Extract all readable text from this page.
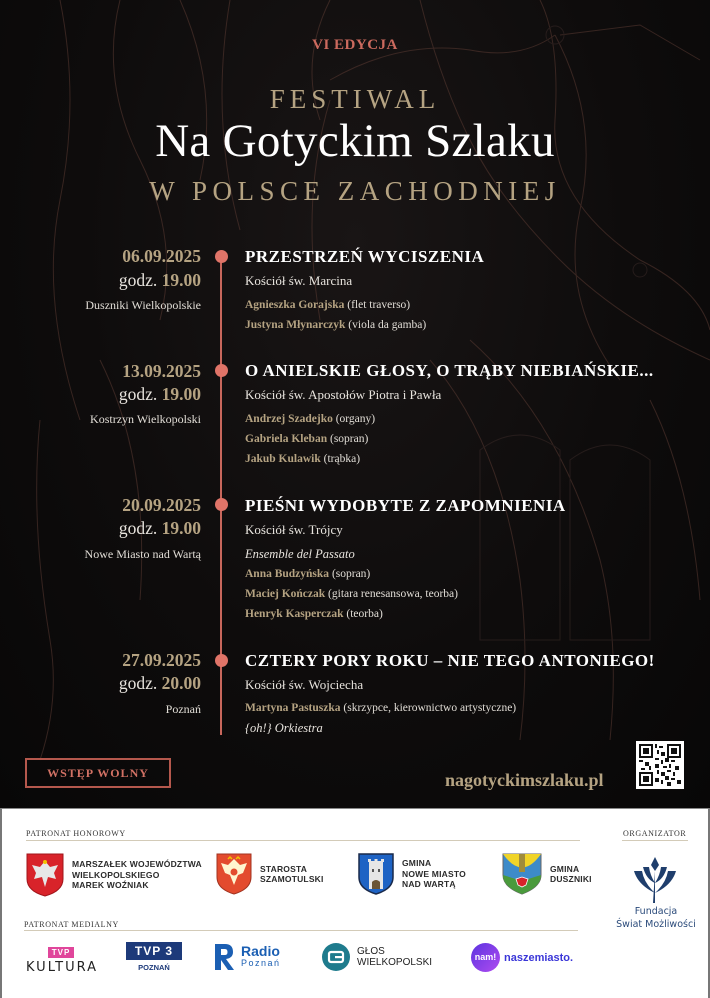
VI EDYCJA
FESTIWAL
Na Gotyckim Szlaku
W POLSCE ZACHODNIEJ
06.09.2025
godz. 19.00
Duszniki Wielkopolskie
PRZESTRZEŃ WYCISZENIA
Kościół św. Marcina
Agnieszka Gorajska (flet traverso)
Justyna Młynarczyk (viola da gamba)
13.09.2025
godz. 19.00
Kostrzyn Wielkopolski
O ANIELSKIE GŁOSY, O TRĄBY NIEBIAŃSKIE...
Kościół św. Apostołów Piotra i Pawła
Andrzej Szadejko (organy)
Gabriela Kleban (sopran)
Jakub Kulawik (trąbka)
20.09.2025
godz. 19.00
Nowe Miasto nad Wartą
PIEŚNI WYDOBYTE Z ZAPOMNIENIA
Kościół św. Trójcy
Ensemble del Passato
Anna Budzyńska (sopran)
Maciej Kończak (gitara renesansowa, teorba)
Henryk Kasperczak (teorba)
27.09.2025
godz. 20.00
Poznań
CZTERY PORY ROKU – NIE TEGO ANTONIEGO!
Kościół św. Wojciecha
Martyna Pastuszka (skrzypce, kierownictwo artystyczne)
{oh!} Orkiestra
WSTĘP WOLNY	nagotyckimszlaku.pl
PATRONAT HONOROWY	ORGANIZATOR
MARSZAŁEK WOJEWÓDZTWA
WIELKOPOLSKIEGO
MAREK WOŹNIAK
STAROSTA
SZAMOTULSKI
GMINA
NOWE MIASTO
NAD WARTĄ
GMINA
DUSZNIKI
Fundacja
Świat Możliwości
PATRONAT MEDIALNY
TVP
KULTURA
TVP 3
POZNAŃ
Radio
Poznań
GŁOS
WIELKOPOLSKI	nam! naszemiasto.
